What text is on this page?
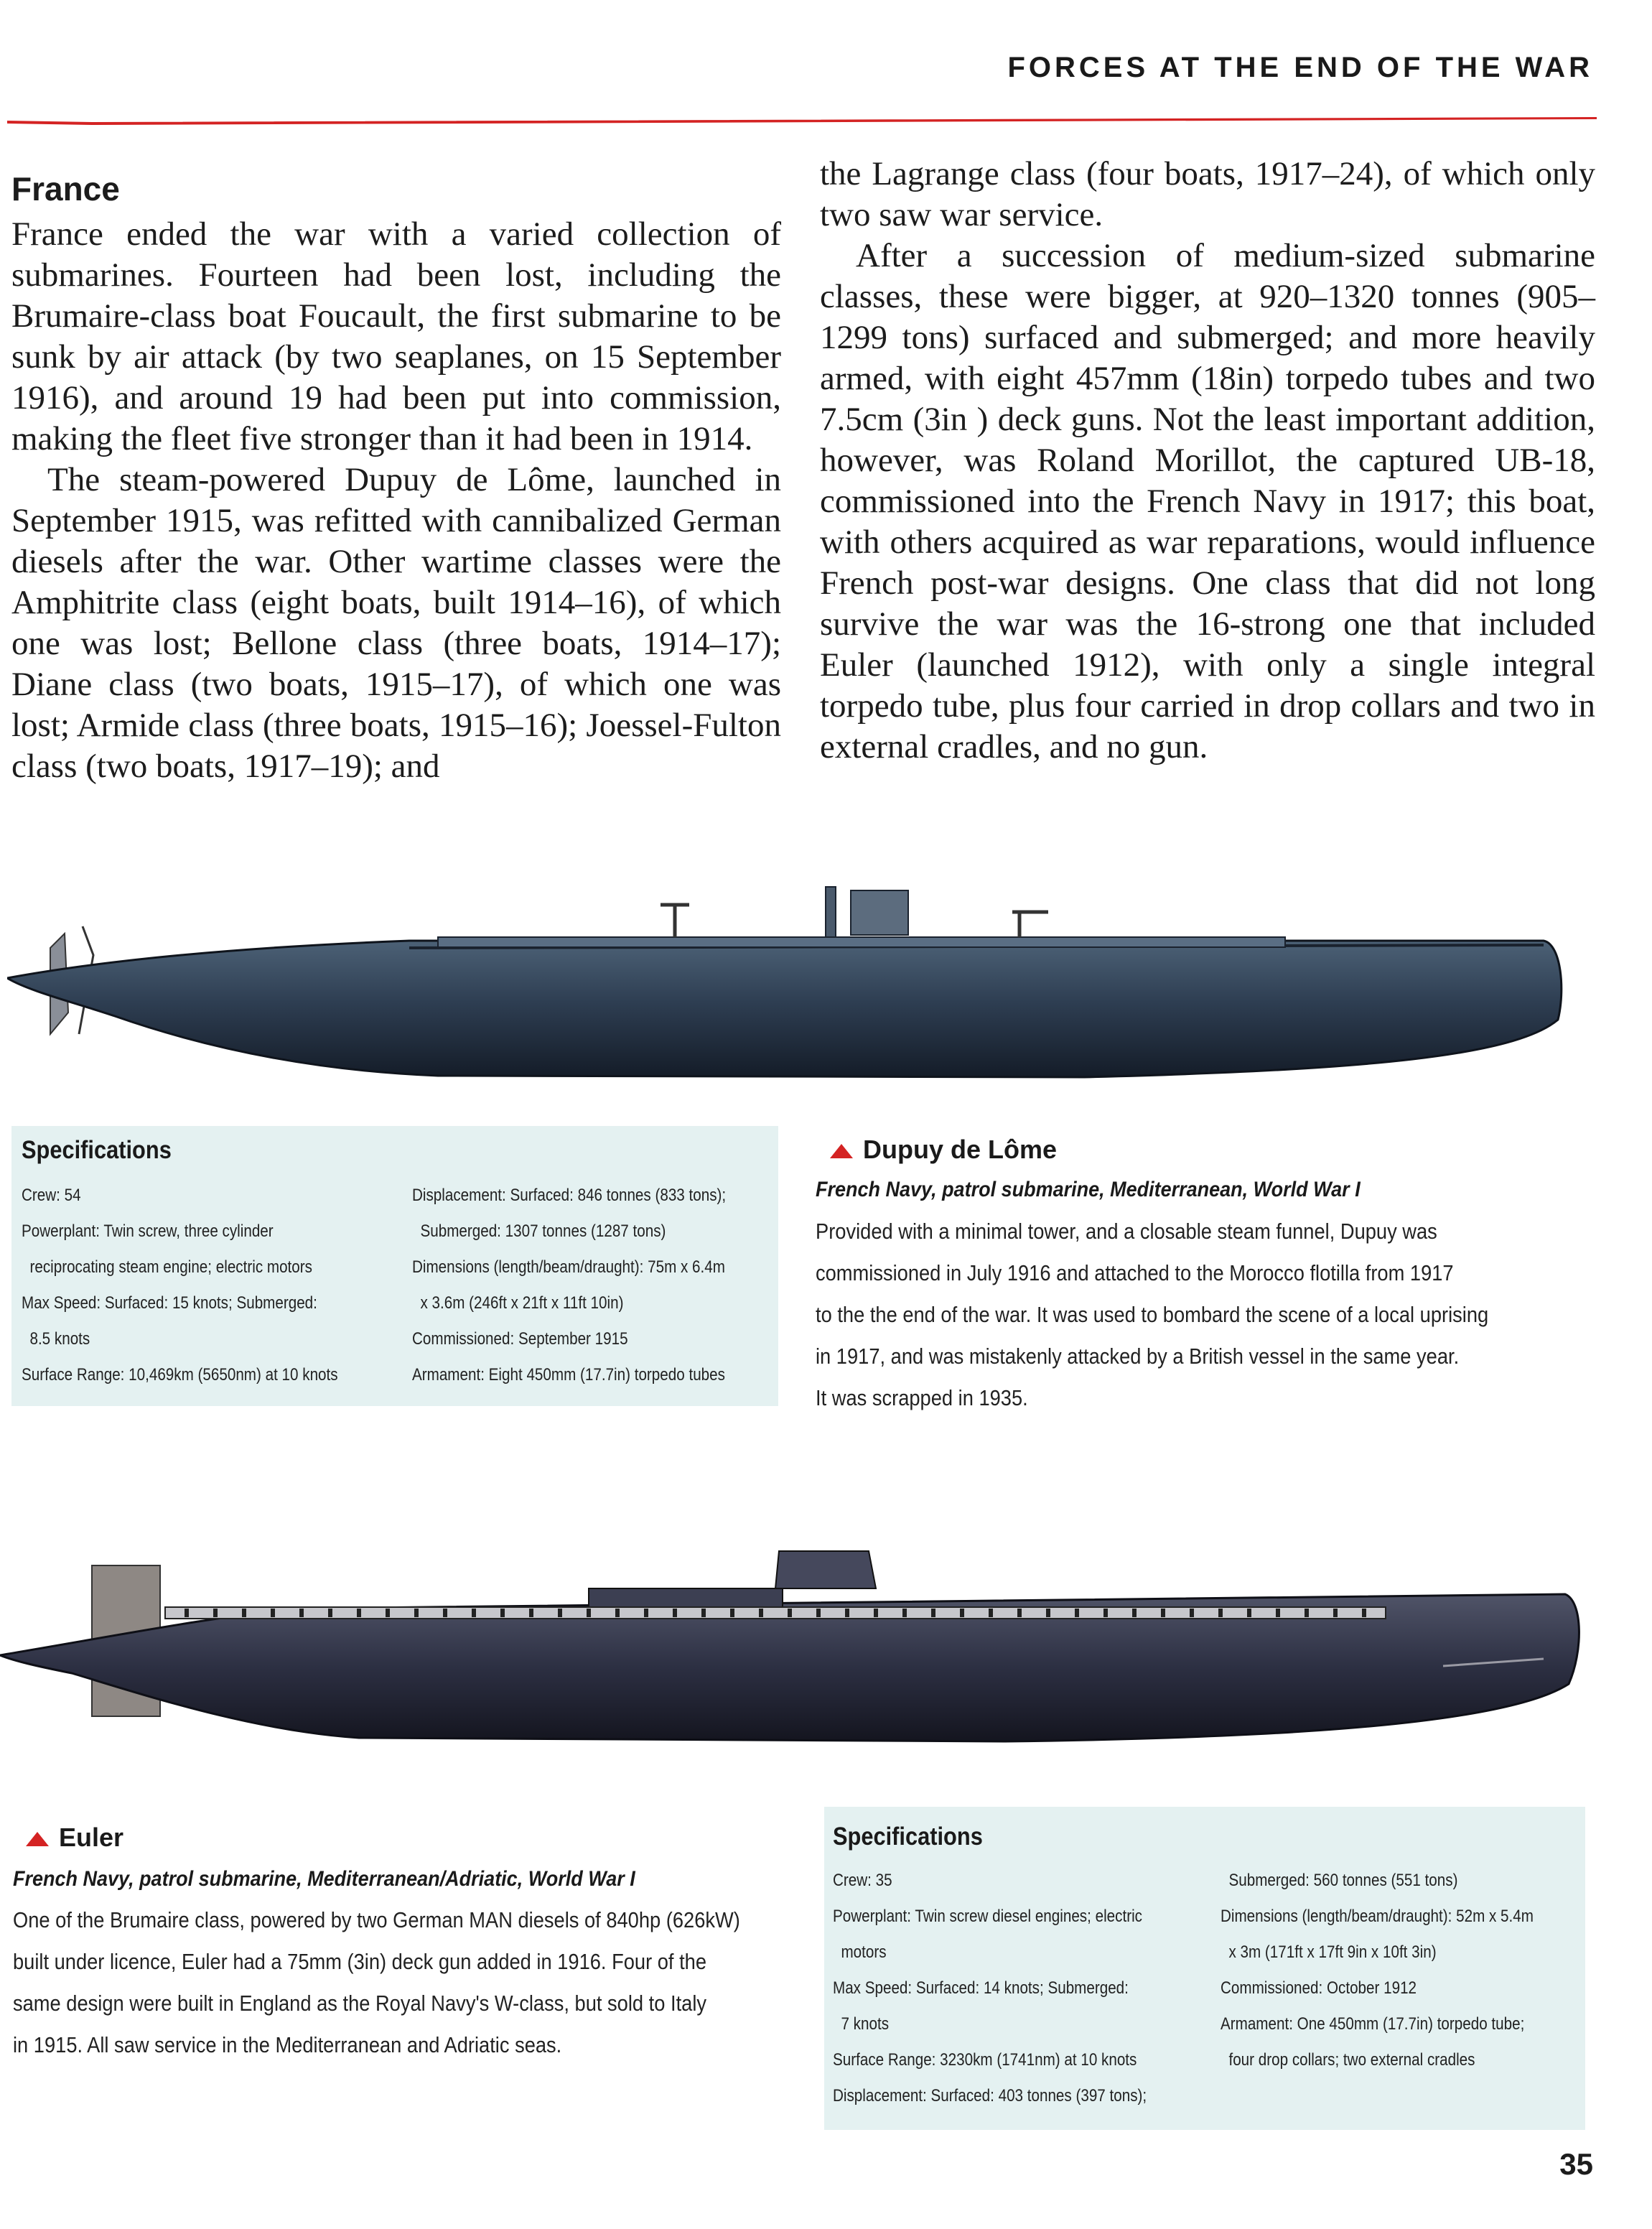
FORCES AT THE END OF THE WAR
France

France ended the war with a varied collection of submarines. Fourteen had been lost, including the Brumaire-class boat Foucault, the first submarine to be sunk by air attack (by two seaplanes, on 15 September 1916), and around 19 had been put into commission, making the fleet five stronger than it had been in 1914.

The steam-powered Dupuy de Lôme, launched in September 1915, was refitted with cannibalized German diesels after the war. Other wartime classes were the Amphitrite class (eight boats, built 1914–16), of which one was lost; Bellone class (three boats, 1914–17); Diane class (two boats, 1915–17), of which one was lost; Armide class (three boats, 1915–16); Joessel-Fulton class (two boats, 1917–19); and

the Lagrange class (four boats, 1917–24), of which only two saw war service.

After a succession of medium-sized submarine classes, these were bigger, at 920–1320 tonnes (905–1299 tons) surfaced and submerged; and more heavily armed, with eight 457mm (18in) torpedo tubes and two 7.5cm (3in ) deck guns. Not the least important addition, however, was Roland Morillot, the captured UB-18, commissioned into the French Navy in 1917; this boat, with others acquired as war reparations, would influence French post-war designs. One class that did not long survive the war was the 16-strong one that included Euler (launched 1912), with only a single integral torpedo tube, plus four carried in drop collars and two in external cradles, and no gun.

Specifications
Crew: 54
Powerplant: Twin screw, three cylinder
reciprocating steam engine; electric motors
Max Speed: Surfaced: 15 knots; Submerged:
8.5 knots
Surface Range: 10,469km (5650nm) at 10 knots
Displacement: Surfaced: 846 tonnes (833 tons);
Submerged: 1307 tonnes (1287 tons)
Dimensions (length/beam/draught): 75m x 6.4m
x 3.6m (246ft x 21ft x 11ft 10in)
Commissioned: September 1915
Armament: Eight 450mm (17.7in) torpedo tubes
Dupuy de Lôme
French Navy, patrol submarine, Mediterranean, World War I
Provided with a minimal tower, and a closable steam funnel, Dupuy was
commissioned in July 1916 and attached to the Morocco flotilla from 1917
to the the end of the war. It was used to bombard the scene of a local uprising
in 1917, and was mistakenly attacked by a British vessel in the same year.
It was scrapped in 1935.
Euler
French Navy, patrol submarine, Mediterranean/Adriatic, World War I
One of the Brumaire class, powered by two German MAN diesels of 840hp (626kW)
built under licence, Euler had a 75mm (3in) deck gun added in 1916. Four of the
same design were built in England as the Royal Navy's W-class, but sold to Italy
in 1915. All saw service in the Mediterranean and Adriatic seas.
Specifications
Crew: 35
Powerplant: Twin screw diesel engines; electric
motors
Max Speed: Surfaced: 14 knots; Submerged:
7 knots
Surface Range: 3230km (1741nm) at 10 knots
Displacement: Surfaced: 403 tonnes (397 tons);
Submerged: 560 tonnes (551 tons)
Dimensions (length/beam/draught): 52m x 5.4m
x 3m (171ft x 17ft 9in x 10ft 3in)
Commissioned: October 1912
Armament: One 450mm (17.7in) torpedo tube;
four drop collars; two external cradles
35
